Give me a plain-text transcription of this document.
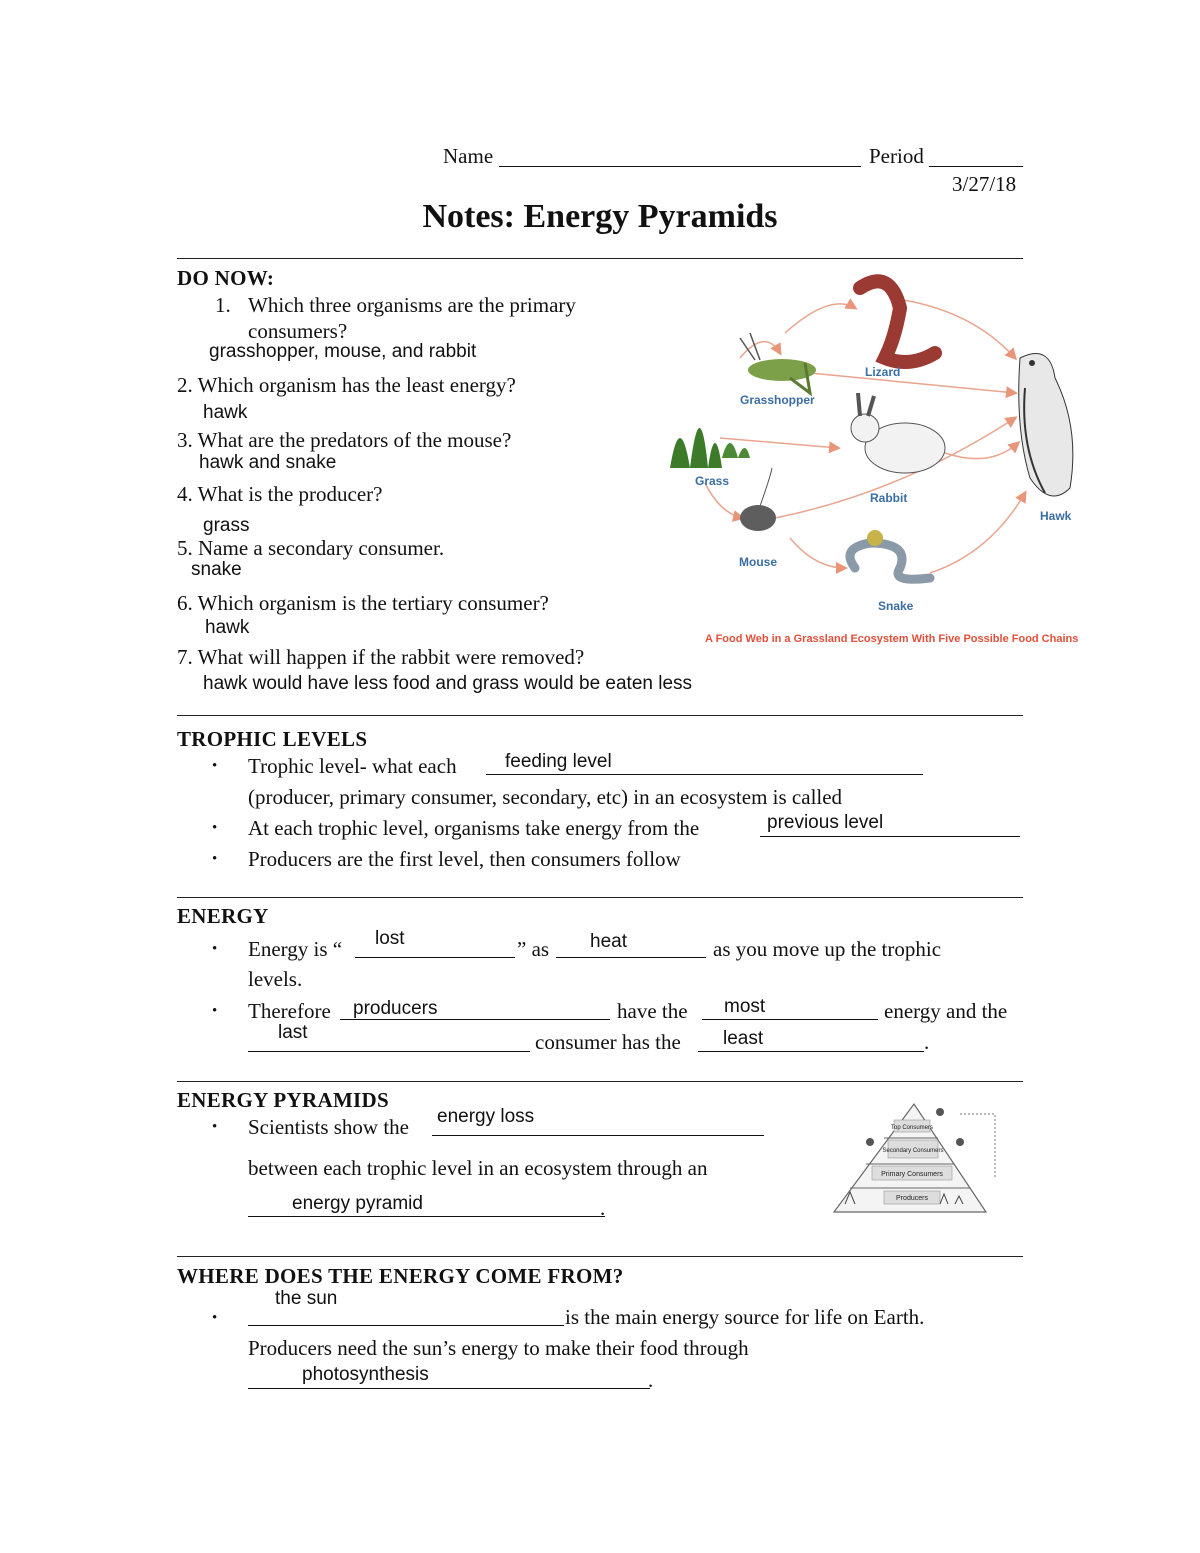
Name	Period
3/27/18
Notes: Energy Pyramids
DO NOW:
1. Which three organisms are the primary
consumers?
grasshopper, mouse, and rabbit
2. Which organism has the least energy?
hawk
3. What are the predators of the mouse?
hawk and snake
4. What is the producer?
grass
5. Name a secondary consumer.
snake
6. Which organism is the tertiary consumer?
hawk
7. What will happen if the rabbit were removed?
hawk would have less food and grass would be eaten less
Grasshopper
Lizard
Rabbit
Grass
Mouse
Snake
Hawk
A Food Web in a Grassland Ecosystem With Five Possible Food Chains
TROPHIC LEVELS
• Trophic level- what each	feeding level
(producer, primary consumer, secondary, etc) in an ecosystem is called
• At each trophic level, organisms take energy from the	previous level
• Producers are the first level, then consumers follow
ENERGY
• Energy is “ lost	” as heat	as you move up the trophic
levels.
• Therefore producers	have the most	energy and the
last	consumer has the least	.
ENERGY PYRAMIDS
• Scientists show the energy loss
between each trophic level in an ecosystem through an
energy pyramid	.
Top Consumers
Secondary Consumers
Primary Consumers
Producers
WHERE DOES THE ENERGY COME FROM?
the sun
•	is the main energy source for life on Earth.
Producers need the sun’s energy to make their food through
photosynthesis	.
